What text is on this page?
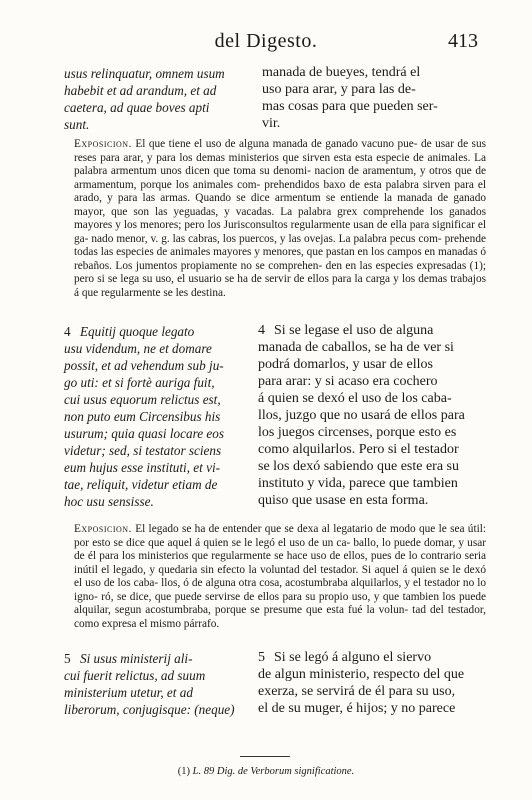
del Digesto.	413
usus relinquatur, omnem usum
habebit et ad arandum, et ad
caetera, ad quae boves apti
sunt.
manada de bueyes, tendrá el
uso para arar, y para las de-
mas cosas para que pueden ser-
vir.
Exposicion. El que tiene el uso de alguna manada de ganado vacuno pue- de usar de sus reses para arar, y para los demas ministerios que sirven esta esta especie de animales. La palabra armentum unos dicen que toma su denomi- nacion de aramentum, y otros que de armamentum, porque los animales com- prehendidos baxo de esta palabra sirven para el arado, y para las armas. Quando se dice armentum se entiende la manada de ganado mayor, que son las yeguadas, y vacadas. La palabra grex comprehende los ganados mayores y los menores; pero los Jurisconsultos regularmente usan de ella para significar el ga- nado menor, v. g. las cabras, los puercos, y las ovejas. La palabra pecus com- prehende todas las especies de animales mayores y menores, que pastan en los campos en manadas ó rebaños. Los jumentos propiamente no se comprehen- den en las especies expresadas (1); pero si se lega su uso, el usuario se ha de servir de ellos para la carga y los demas trabajos á que regularmente se les destina.
4 Equitij quoque legato
usu videndum, ne et domare
possit, et ad vehendum sub ju-
go uti: et si fortè auriga fuit,
cui usus equorum relictus est,
non puto eum Circensibus his
usurum; quia quasi locare eos
videtur; sed, si testator sciens
eum hujus esse instituti, et vi-
tae, reliquit, videtur etiam de
hoc usu sensisse.
4 Si se legase el uso de alguna
manada de caballos, se ha de ver si
podrá domarlos, y usar de ellos
para arar: y si acaso era cochero
á quien se dexó el uso de los caba-
llos, juzgo que no usará de ellos para
los juegos circenses, porque esto es
como alquilarlos. Pero si el testador
se los dexó sabiendo que este era su
instituto y vida, parece que tambien
quiso que usase en esta forma.
Exposicion. El legado se ha de entender que se dexa al legatario de modo que le sea útil: por esto se dice que aquel á quien se le legó el uso de un ca- ballo, lo puede domar, y usar de él para los ministerios que regularmente se hace uso de ellos, pues de lo contrario seria inútil el legado, y quedaria sin efecto la voluntad del testador. Si aquel á quien se le dexó el uso de los caba- llos, ó de alguna otra cosa, acostumbraba alquilarlos, y el testador no lo igno- ró, se dice, que puede servirse de ellos para su propio uso, y que tambien los puede alquilar, segun acostumbraba, porque se presume que esta fué la volun- tad del testador, como expresa el mismo párrafo.
5 Si usus ministerij ali-
cui fuerit relictus, ad suum
ministerium utetur, et ad
liberorum, conjugisque: (neque)
5 Si se legó á alguno el siervo
de algun ministerio, respecto del que
exerza, se servirá de él para su uso,
el de su muger, é hijos; y no parece
(1) L. 89 Dig. de Verborum significatione.
